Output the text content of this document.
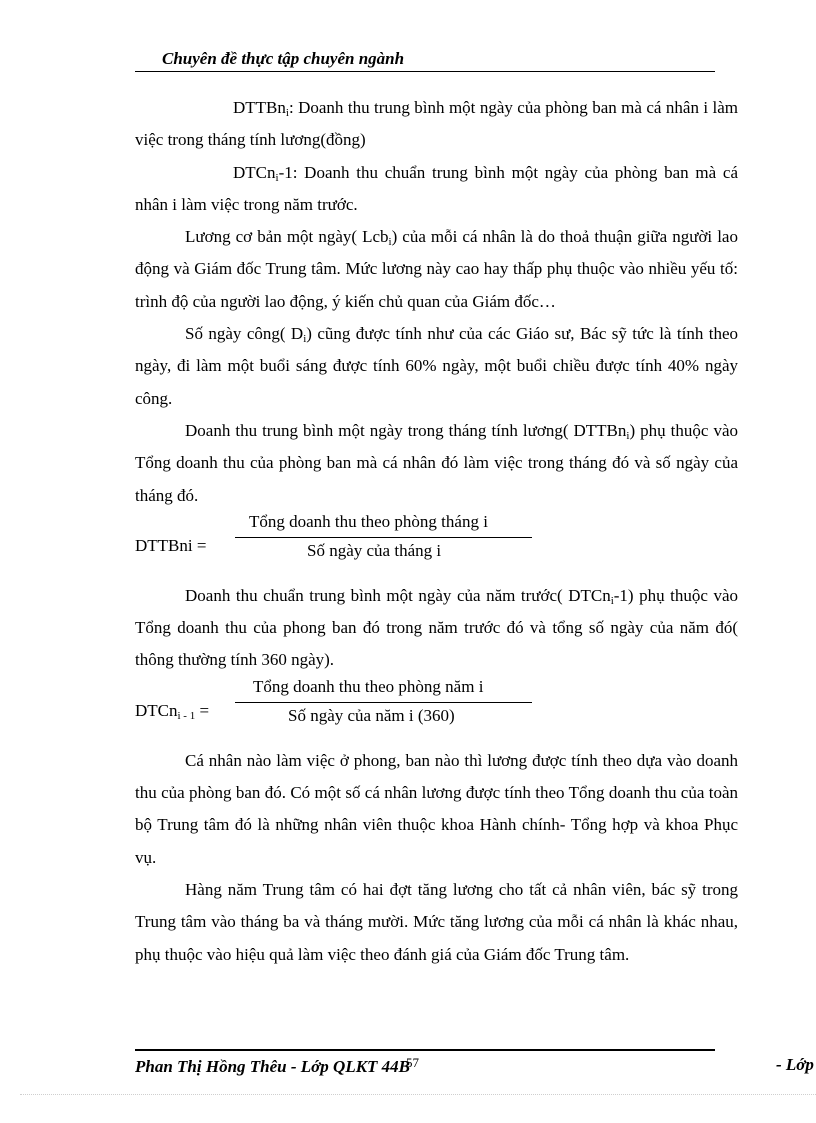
Chuyên đề thực tập chuyên ngành

DTTBn$_i$: Doanh thu trung bình một ngày của phòng ban mà cá nhân i làm việc trong tháng tính lương(đồng)

DTCn$_i$-1: Doanh thu chuẩn trung bình một ngày của phòng ban mà cá nhân i làm việc trong năm trước.

Lương cơ bản một ngày( Lcb$_i$) của mỗi cá nhân là do thoả thuận giữa người lao động và Giám đốc Trung tâm. Mức lương này cao hay thấp phụ thuộc vào nhiều yếu tố: trình độ của người lao động, ý kiến chủ quan của Giám đốc…

Số ngày công( $D_i$) cũng được tính như của các Giáo sư, Bác sỹ tức là tính theo ngày, đi làm một buổi sáng được tính 60% ngày, một buổi chiều được tính 40% ngày công.

Doanh thu trung bình một ngày trong tháng tính lương( DTTBn$_i$) phụ thuộc vào Tổng doanh thu của phòng ban mà cá nhân đó làm việc trong tháng đó và số ngày của tháng đó.

DTTBni =
Tổng doanh thu theo phòng tháng i
Số ngày của tháng i

Doanh thu chuẩn trung bình một ngày của năm trước( DTCn$_i$-1) phụ thuộc vào Tổng doanh thu của phong ban đó trong năm trước đó và tổng số ngày của năm đó( thông thường tính 360 ngày).

DTCn$_{i - 1}$ =
Tổng doanh thu theo phòng năm i
Số ngày của năm i (360)

Cá nhân nào làm việc ở phong, ban nào thì lương được tính theo dựa vào doanh thu của phòng ban đó. Có một số cá nhân lương được tính theo Tổng doanh thu của toàn bộ Trung tâm đó là những nhân viên thuộc khoa Hành chính- Tổng hợp và khoa Phục vụ.

Hàng năm Trung tâm có hai đợt tăng lương cho tất cả nhân viên, bác sỹ trong Trung tâm vào tháng ba và tháng mười. Mức tăng lương của mỗi cá nhân là khác nhau, phụ thuộc vào hiệu quả làm việc theo đánh giá của Giám đốc Trung tâm.

Phan Thị Hồng Thêu - Lớp QLKT $44B^{57}$	- Lớp
